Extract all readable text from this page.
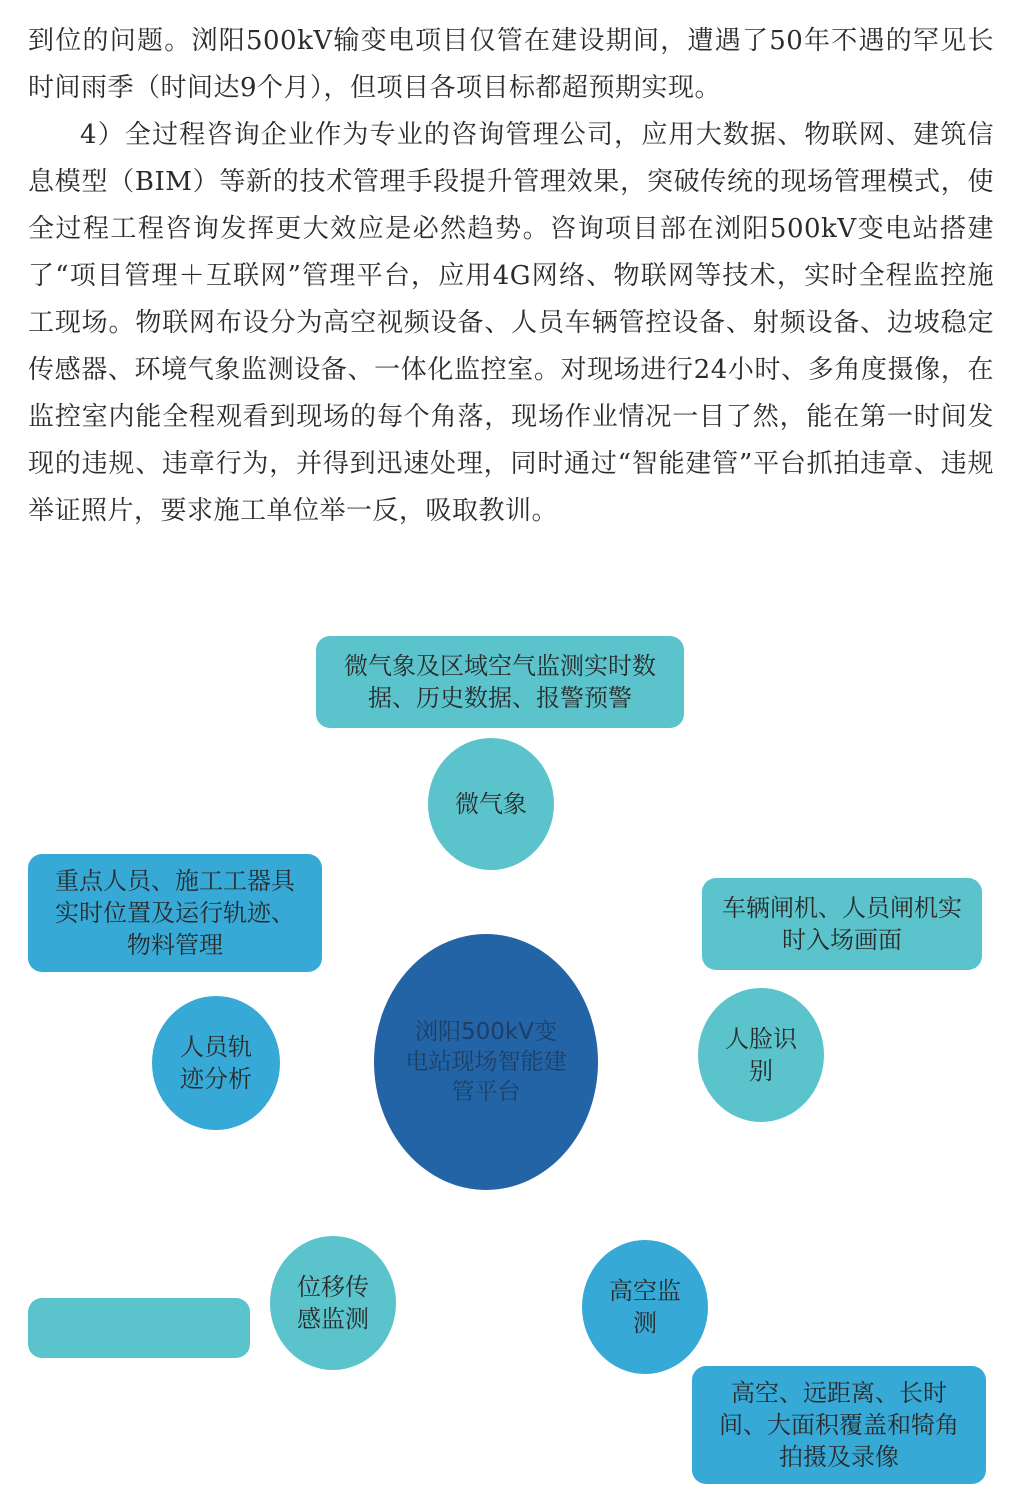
到位的问题。浏阳500kV输变电项目仅管在建设期间，遭遇了50年不遇的罕见长时间雨季（时间达9个月），但项目各项目标都超预期实现。

4）全过程咨询企业作为专业的咨询管理公司，应用大数据、物联网、建筑信息模型（BIM）等新的技术管理手段提升管理效果，突破传统的现场管理模式，使全过程工程咨询发挥更大效应是必然趋势。咨询项目部在浏阳500kV变电站搭建了“项目管理＋互联网”管理平台，应用4G网络、物联网等技术，实时全程监控施工现场。物联网布设分为高空视频设备、人员车辆管控设备、射频设备、边坡稳定传感器、环境气象监测设备、一体化监控室。对现场进行24小时、多角度摄像，在监控室内能全程观看到现场的每个角落，现场作业情况一目了然，能在第一时间发现的违规、违章行为，并得到迅速处理，同时通过“智能建管”平台抓拍违章、违规举证照片，要求施工单位举一反，吸取教训。

微气象及区域空气监测实时数据、历史数据、报警预警
微气象
重点人员、施工工器具实时位置及运行轨迹、物料管理
人员轨迹分析
车辆闸机、人员闸机实时入场画面
人脸识别
浏阳500kV变电站现场智能建管平台
位移传感监测
高空监测
高空、远距离、长时间、大面积覆盖和犄角拍摄及录像
